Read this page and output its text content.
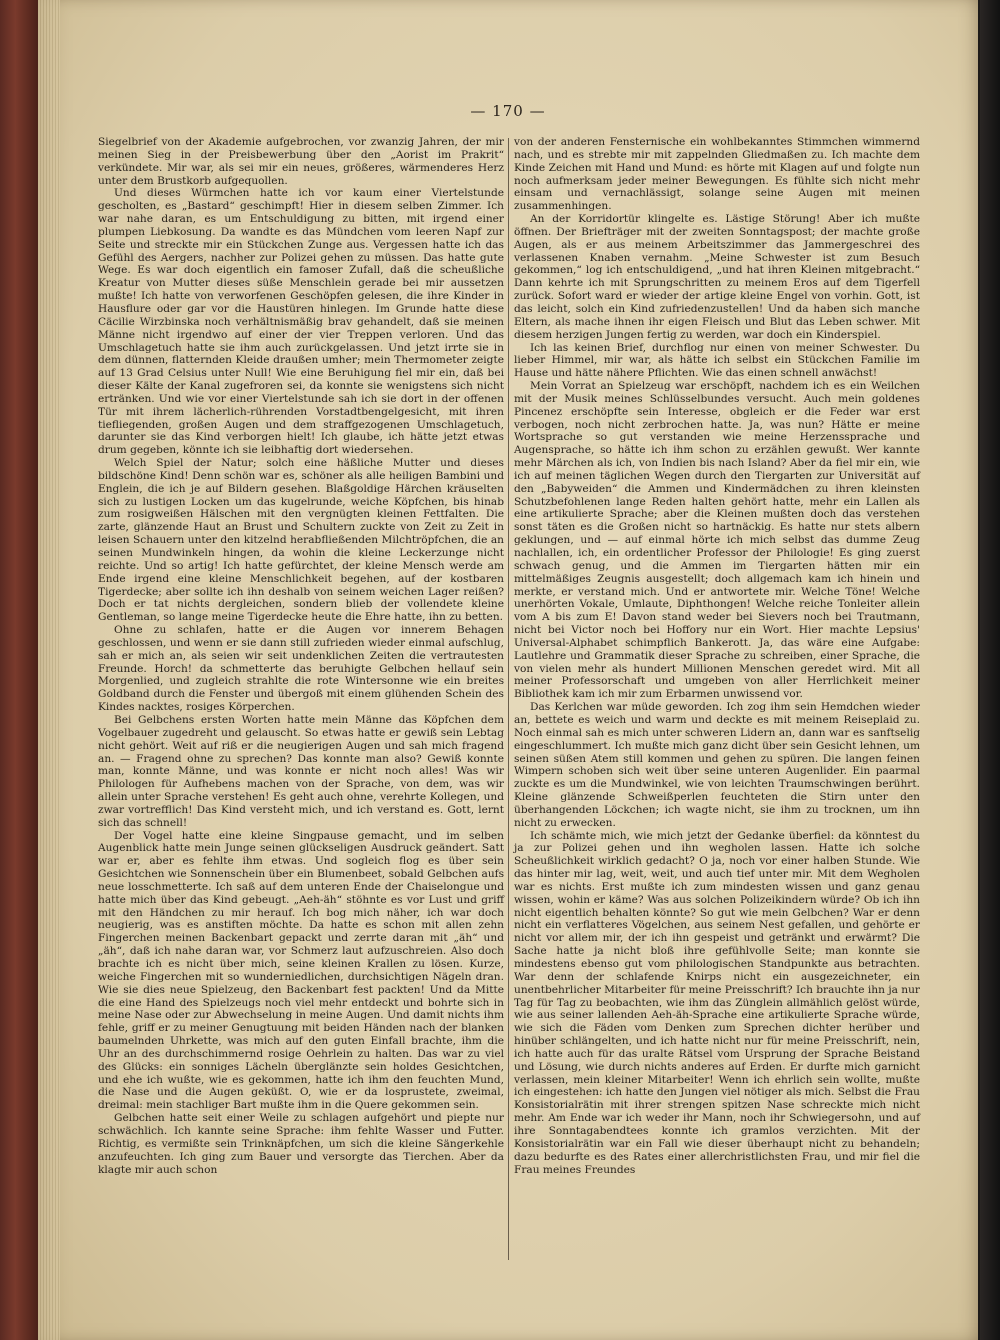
— 170 —

Siegelbrief von der Akademie aufgebrochen, vor zwanzig Jahren, der mir meinen Sieg in der Preisbewerbung über den „Aorist im Prakrit“ verkündete. Mir war, als sei mir ein neues, größeres, wärmenderes Herz unter dem Brustkorb aufgequollen.

Und dieses Würmchen hatte ich vor kaum einer Viertelstunde gescholten, es „Bastard“ geschimpft! Hier in diesem selben Zimmer. Ich war nahe daran, es um Entschuldigung zu bitten, mit irgend einer plumpen Liebkosung. Da wandte es das Mündchen vom leeren Napf zur Seite und streckte mir ein Stückchen Zunge aus. Vergessen hatte ich das Gefühl des Aergers, nachher zur Polizei gehen zu müssen. Das hatte gute Wege. Es war doch eigentlich ein famoser Zufall, daß die scheußliche Kreatur von Mutter dieses süße Menschlein gerade bei mir aussetzen mußte! Ich hatte von verworfenen Geschöpfen gelesen, die ihre Kinder in Hausflure oder gar vor die Haustüren hinlegen. Im Grunde hatte diese Cäcilie Wirzbinska noch verhältnismäßig brav gehandelt, daß sie meinen Männe nicht irgendwo auf einer der vier Treppen verloren. Und das Umschlagetuch hatte sie ihm auch zurückgelassen. Und jetzt irrte sie in dem dünnen, flatternden Kleide draußen umher; mein Thermometer zeigte auf 13 Grad Celsius unter Null! Wie eine Beruhigung fiel mir ein, daß bei dieser Kälte der Kanal zugefroren sei, da konnte sie wenigstens sich nicht ertränken. Und wie vor einer Viertelstunde sah ich sie dort in der offenen Tür mit ihrem lächerlich-rührenden Vorstadtbengelgesicht, mit ihren tiefliegenden, großen Augen und dem straffgezogenen Umschlagetuch, darunter sie das Kind verborgen hielt! Ich glaube, ich hätte jetzt etwas drum gegeben, könnte ich sie leibhaftig dort wiedersehen.

Welch Spiel der Natur; solch eine häßliche Mutter und dieses bildschöne Kind! Denn schön war es, schöner als alle heiligen Bambini und Englein, die ich je auf Bildern gesehen. Blaßgoldige Härchen kräuselten sich zu lustigen Locken um das kugelrunde, weiche Köpfchen, bis hinab zum rosigweißen Hälschen mit den vergnügten kleinen Fettfalten. Die zarte, glänzende Haut an Brust und Schultern zuckte von Zeit zu Zeit in leisen Schauern unter den kitzelnd herabfließenden Milchtröpfchen, die an seinen Mundwinkeln hingen, da wohin die kleine Leckerzunge nicht reichte. Und so artig! Ich hatte gefürchtet, der kleine Mensch werde am Ende irgend eine kleine Menschlichkeit begehen, auf der kostbaren Tigerdecke; aber sollte ich ihn deshalb von seinem weichen Lager reißen? Doch er tat nichts dergleichen, sondern blieb der vollendete kleine Gentleman, so lange meine Tigerdecke heute die Ehre hatte, ihn zu betten.

Ohne zu schlafen, hatte er die Augen vor innerem Behagen geschlossen, und wenn er sie dann still zufrieden wieder einmal aufschlug, sah er mich an, als seien wir seit undenklichen Zeiten die vertrautesten Freunde. Horch! da schmetterte das beruhigte Gelbchen hellauf sein Morgenlied, und zugleich strahlte die rote Wintersonne wie ein breites Goldband durch die Fenster und übergoß mit einem glühenden Schein des Kindes nacktes, rosiges Körperchen.

Bei Gelbchens ersten Worten hatte mein Männe das Köpfchen dem Vogelbauer zugedreht und gelauscht. So etwas hatte er gewiß sein Lebtag nicht gehört. Weit auf riß er die neugierigen Augen und sah mich fragend an. — Fragend ohne zu sprechen? Das konnte man also? Gewiß konnte man, konnte Männe, und was konnte er nicht noch alles! Was wir Philologen für Aufhebens machen von der Sprache, von dem, was wir allein unter Sprache verstehen! Es geht auch ohne, verehrte Kollegen, und zwar vortrefflich! Das Kind versteht mich, und ich verstand es. Gott, lernt sich das schnell!

Der Vogel hatte eine kleine Singpause gemacht, und im selben Augenblick hatte mein Junge seinen glückseligen Ausdruck geändert. Satt war er, aber es fehlte ihm etwas. Und sogleich flog es über sein Gesichtchen wie Sonnenschein über ein Blumenbeet, sobald Gelbchen aufs neue losschmetterte. Ich saß auf dem unteren Ende der Chaiselongue und hatte mich über das Kind gebeugt. „Aeh-äh“ stöhnte es vor Lust und griff mit den Händchen zu mir herauf. Ich bog mich näher, ich war doch neugierig, was es anstiften möchte. Da hatte es schon mit allen zehn Fingerchen meinen Backenbart gepackt und zerrte daran mit „äh“ und „äh“, daß ich nahe daran war, vor Schmerz laut aufzuschreien. Also doch brachte ich es nicht über mich, seine kleinen Krallen zu lösen. Kurze, weiche Fingerchen mit so wunderniedlichen, durchsichtigen Nägeln dran. Wie sie dies neue Spielzeug, den Backenbart fest packten! Und da Mitte die eine Hand des Spielzeugs noch viel mehr entdeckt und bohrte sich in meine Nase oder zur Abwechselung in meine Augen. Und damit nichts ihm fehle, griff er zu meiner Genugtuung mit beiden Händen nach der blanken baumelnden Uhrkette, was mich auf den guten Einfall brachte, ihm die Uhr an des durchschimmernd rosige Oehrlein zu halten. Das war zu viel des Glücks: ein sonniges Lächeln überglänzte sein holdes Gesichtchen, und ehe ich wußte, wie es gekommen, hatte ich ihm den feuchten Mund, die Nase und die Augen geküßt. O, wie er da losprustete, zweimal, dreimal: mein stachliger Bart mußte ihm in die Quere gekommen sein.

Gelbchen hatte seit einer Weile zu schlagen aufgehört und piepte nur schwächlich. Ich kannte seine Sprache: ihm fehlte Wasser und Futter. Richtig, es vermißte sein Trinknäpfchen, um sich die kleine Sängerkehle anzufeuchten. Ich ging zum Bauer und versorgte das Tierchen. Aber da klagte mir auch schon

von der anderen Fensternische ein wohlbekanntes Stimmchen wimmernd nach, und es strebte mir mit zappelnden Gliedmaßen zu. Ich machte dem Kinde Zeichen mit Hand und Mund: es hörte mit Klagen auf und folgte nun noch aufmerksam jeder meiner Bewegungen. Es fühlte sich nicht mehr einsam und vernachlässigt, solange seine Augen mit meinen zusammenhingen.

An der Korridortür klingelte es. Lästige Störung! Aber ich mußte öffnen. Der Briefträger mit der zweiten Sonntagspost; der machte große Augen, als er aus meinem Arbeitszimmer das Jammergeschrei des verlassenen Knaben vernahm. „Meine Schwester ist zum Besuch gekommen,“ log ich entschuldigend, „und hat ihren Kleinen mitgebracht.“ Dann kehrte ich mit Sprungschritten zu meinem Eros auf dem Tigerfell zurück. Sofort ward er wieder der artige kleine Engel von vorhin. Gott, ist das leicht, solch ein Kind zufriedenzustellen! Und da haben sich manche Eltern, als mache ihnen ihr eigen Fleisch und Blut das Leben schwer. Mit diesem herzigen Jungen fertig zu werden, war doch ein Kinderspiel.

Ich las keinen Brief, durchflog nur einen von meiner Schwester. Du lieber Himmel, mir war, als hätte ich selbst ein Stückchen Familie im Hause und hätte nähere Pflichten. Wie das einen schnell anwächst!

Mein Vorrat an Spielzeug war erschöpft, nachdem ich es ein Weilchen mit der Musik meines Schlüsselbundes versucht. Auch mein goldenes Pincenez erschöpfte sein Interesse, obgleich er die Feder war erst verbogen, noch nicht zerbrochen hatte. Ja, was nun? Hätte er meine Wortsprache so gut verstanden wie meine Herzenssprache und Augensprache, so hätte ich ihm schon zu erzählen gewußt. Wer kannte mehr Märchen als ich, von Indien bis nach Island? Aber da fiel mir ein, wie ich auf meinen täglichen Wegen durch den Tiergarten zur Universität auf den „Babyweiden“ die Ammen und Kindermädchen zu ihren kleinsten Schutzbefohlenen lange Reden halten gehört hatte, mehr ein Lallen als eine artikulierte Sprache; aber die Kleinen mußten doch das verstehen sonst täten es die Großen nicht so hartnäckig. Es hatte nur stets albern geklungen, und — auf einmal hörte ich mich selbst das dumme Zeug nachlallen, ich, ein ordentlicher Professor der Philologie! Es ging zuerst schwach genug, und die Ammen im Tiergarten hätten mir ein mittelmäßiges Zeugnis ausgestellt; doch allgemach kam ich hinein und merkte, er verstand mich. Und er antwortete mir. Welche Töne! Welche unerhörten Vokale, Umlaute, Diphthongen! Welche reiche Tonleiter allein vom A bis zum E! Davon stand weder bei Sievers noch bei Trautmann, nicht bei Victor noch bei Hoffory nur ein Wort. Hier machte Lepsius' Universal-Alphabet schimpflich Bankerott. Ja, das wäre eine Aufgabe: Lautlehre und Grammatik dieser Sprache zu schreiben, einer Sprache, die von vielen mehr als hundert Millionen Menschen geredet wird. Mit all meiner Professorschaft und umgeben von aller Herrlichkeit meiner Bibliothek kam ich mir zum Erbarmen unwissend vor.

Das Kerlchen war müde geworden. Ich zog ihm sein Hemdchen wieder an, bettete es weich und warm und deckte es mit meinem Reiseplaid zu. Noch einmal sah es mich unter schweren Lidern an, dann war es sanftselig eingeschlummert. Ich mußte mich ganz dicht über sein Gesicht lehnen, um seinen süßen Atem still kommen und gehen zu spüren. Die langen feinen Wimpern schoben sich weit über seine unteren Augenlider. Ein paarmal zuckte es um die Mundwinkel, wie von leichten Traumschwingen berührt. Kleine glänzende Schweißperlen feuchteten die Stirn unter den überhangenden Löckchen; ich wagte nicht, sie ihm zu trocknen, um ihn nicht zu erwecken.

Ich schämte mich, wie mich jetzt der Gedanke überfiel: da könntest du ja zur Polizei gehen und ihn wegholen lassen. Hatte ich solche Scheußlichkeit wirklich gedacht? O ja, noch vor einer halben Stunde. Wie das hinter mir lag, weit, weit, und auch tief unter mir. Mit dem Wegholen war es nichts. Erst mußte ich zum mindesten wissen und ganz genau wissen, wohin er käme? Was aus solchen Polizeikindern würde? Ob ich ihn nicht eigentlich behalten könnte? So gut wie mein Gelbchen? War er denn nicht ein verflatteres Vögelchen, aus seinem Nest gefallen, und gehörte er nicht vor allem mir, der ich ihn gespeist und getränkt und erwärmt? Die Sache hatte ja nicht bloß ihre gefühlvolle Seite; man konnte sie mindestens ebenso gut vom philologischen Standpunkte aus betrachten. War denn der schlafende Knirps nicht ein ausgezeichneter, ein unentbehrlicher Mitarbeiter für meine Preisschrift? Ich brauchte ihn ja nur Tag für Tag zu beobachten, wie ihm das Zünglein allmählich gelöst würde, wie aus seiner lallenden Aeh-äh-Sprache eine artikulierte Sprache würde, wie sich die Fäden vom Denken zum Sprechen dichter herüber und hinüber schlängelten, und ich hatte nicht nur für meine Preisschrift, nein, ich hatte auch für das uralte Rätsel vom Ursprung der Sprache Beistand und Lösung, wie durch nichts anderes auf Erden. Er durfte mich garnicht verlassen, mein kleiner Mitarbeiter! Wenn ich ehrlich sein wollte, mußte ich eingestehen: ich hatte den Jungen viel nötiger als mich. Selbst die Frau Konsistorialrätin mit ihrer strengen spitzen Nase schreckte mich nicht mehr. Am Ende war ich weder ihr Mann, noch ihr Schwiegersohn, und auf ihre Sonntagabendtees konnte ich gramlos verzichten. Mit der Konsistorialrätin war ein Fall wie dieser überhaupt nicht zu behandeln; dazu bedurfte es des Rates einer allerchristlichsten Frau, und mir fiel die Frau meines Freundes
